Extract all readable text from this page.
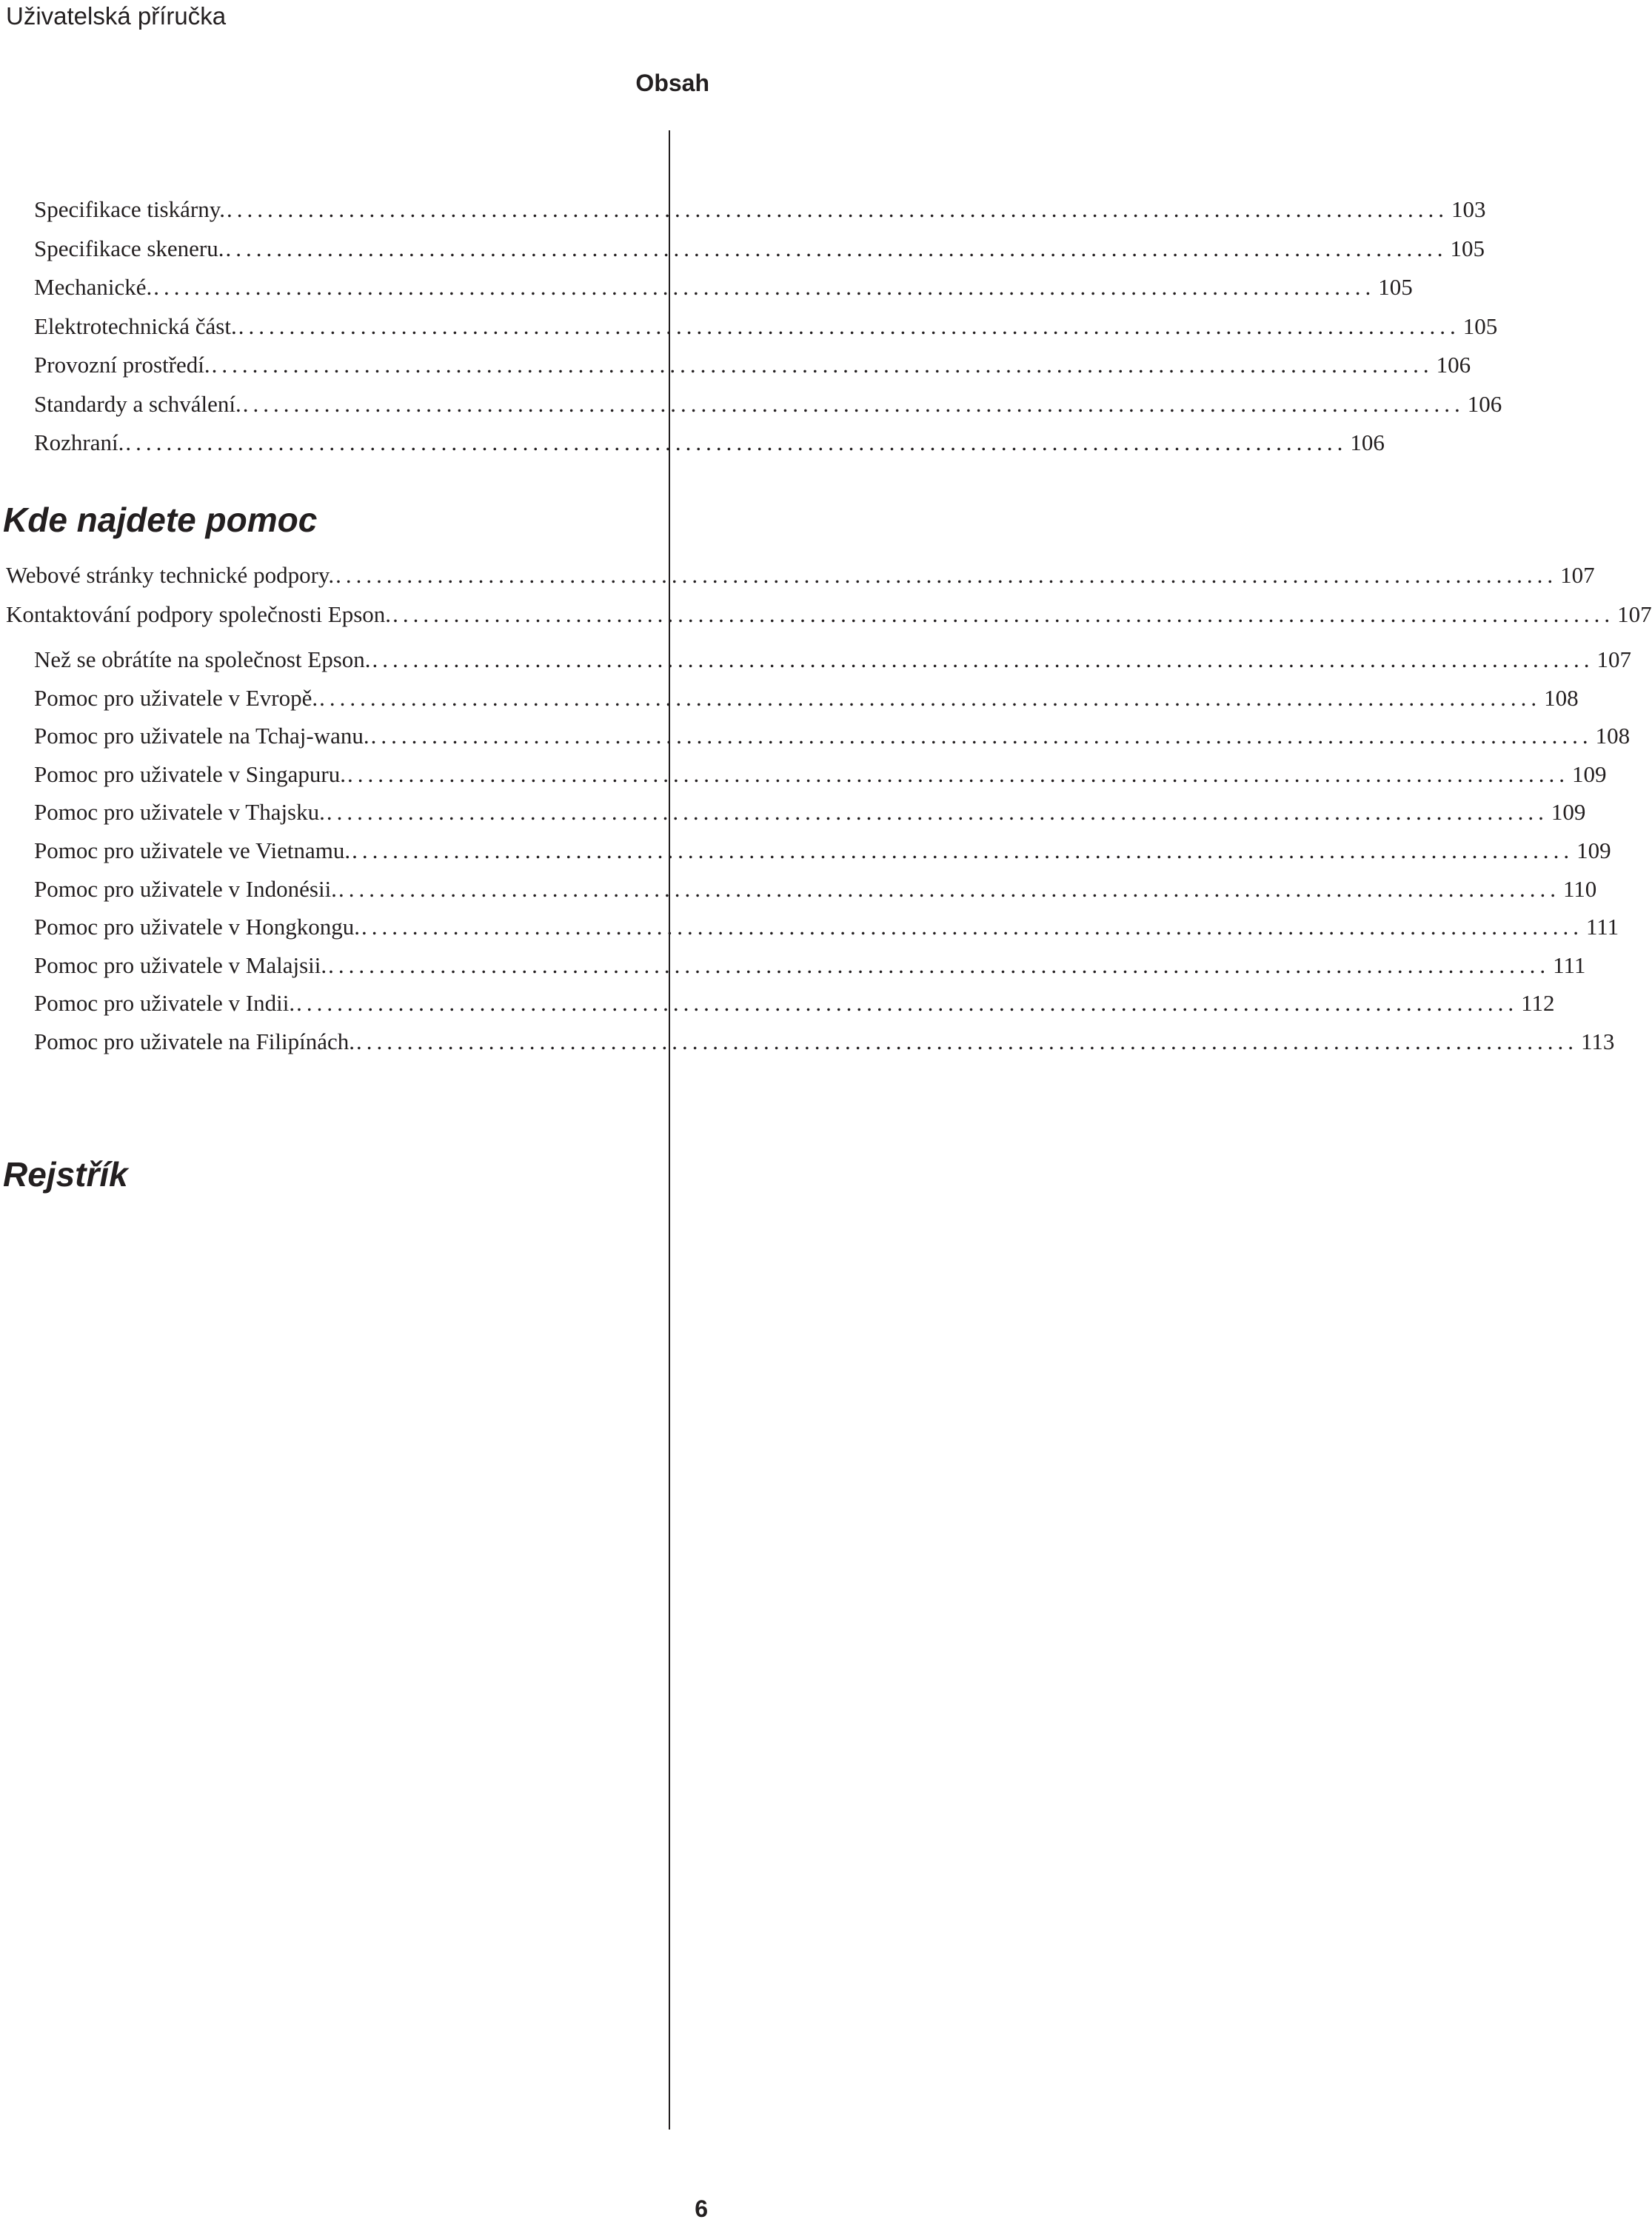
Uživatelská příručka
Obsah
Specifikace tiskárny. ........................................................................................................................ 103
Specifikace skeneru. ........................................................................................................................ 105
Mechanické. ........................................................................................................................ 105
Elektrotechnická část. ........................................................................................................................ 105
Provozní prostředí. ........................................................................................................................ 106
Standardy a schválení. ........................................................................................................................ 106
Rozhraní. ........................................................................................................................ 106
Kde najdete pomoc
Webové stránky technické podpory. ........................................................................................................................ 107
Kontaktování podpory společnosti Epson. ........................................................................................................................ 107
Než se obrátíte na společnost Epson. ........................................................................................................................ 107
Pomoc pro uživatele v Evropě. ........................................................................................................................ 108
Pomoc pro uživatele na Tchaj-wanu. ........................................................................................................................ 108
Pomoc pro uživatele v Singapuru. ........................................................................................................................ 109
Pomoc pro uživatele v Thajsku. ........................................................................................................................ 109
Pomoc pro uživatele ve Vietnamu. ........................................................................................................................ 109
Pomoc pro uživatele v Indonésii. ........................................................................................................................ 110
Pomoc pro uživatele v Hongkongu. ........................................................................................................................ 111
Pomoc pro uživatele v Malajsii. ........................................................................................................................ 111
Pomoc pro uživatele v Indii. ........................................................................................................................ 112
Pomoc pro uživatele na Filipínách. ........................................................................................................................ 113
Rejstřík
6
